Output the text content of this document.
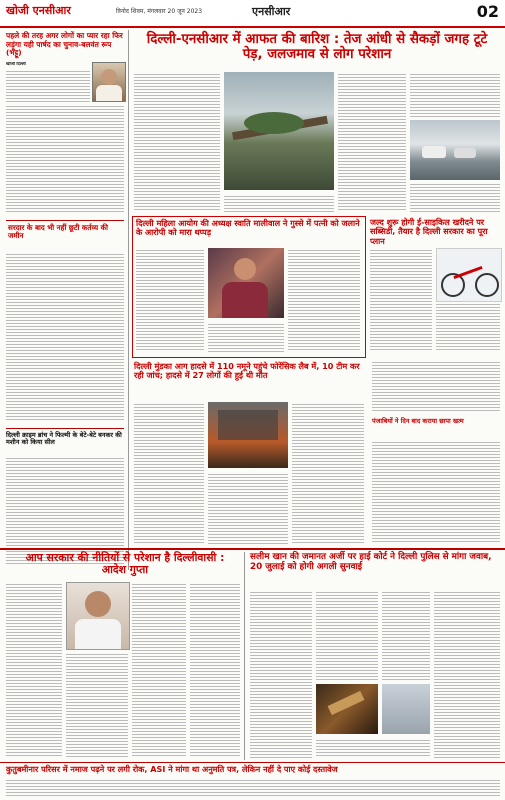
खोजी एनसीआर	विनोद शिवम, मंगलवार 20 जून 2023	एनसीआर	02
पहले की तरह अगर लोगों का प्यार रहा फिर लड़ूंगा यही पार्षद का चुनाव-बलवंत रूप (भट्टू)
खोजी दिल्ली
सरदार के बाद भी नहीं छूटी कर्तव्य की जमीन
दिल्ली क्राइम ब्रांच ने फिल्मी के बेटे-बेटे बनकर की मशीन को किया सील
दिल्ली-एनसीआर में आफत की बारिश : तेज आंधी से सैकड़ों जगह टूटे पेड़, जलजमाव से लोग परेशान
दिल्ली महिला आयोग की अध्यक्ष स्वाति मालीवाल ने गुस्से में पत्नी को जलाने के आरोपी को मारा थप्पड़
जल्द शुरू होगी ई-साइकिल खरीदने पर सब्सिडी, तैयार है दिल्ली सरकार का पूरा प्लान
दिल्ली मुंडका आग हादसे में 110 नमूने पहुंचे फोरेंसिक लैब में, 10 टीम कर रही जांच; हादसे में 27 लोगों की हुई थी मौत
पंजाबियों ने दिन बाद कराया छापा खत्म
आप सरकार की नीतियों से परेशान है दिल्लीवासी : आदेश गुप्ता
सलीम खान की जमानत अर्जी पर हाई कोर्ट ने दिल्ली पुलिस से मांगा जवाब, 20 जुलाई को होगी अगली सुनवाई
कुतुबमीनार परिसर में नमाज पढ़ने पर लगी रोक, ASI ने मांगा था अनुमति पत्र, लेकिन नहीं दे पाए कोई दस्तावेज
